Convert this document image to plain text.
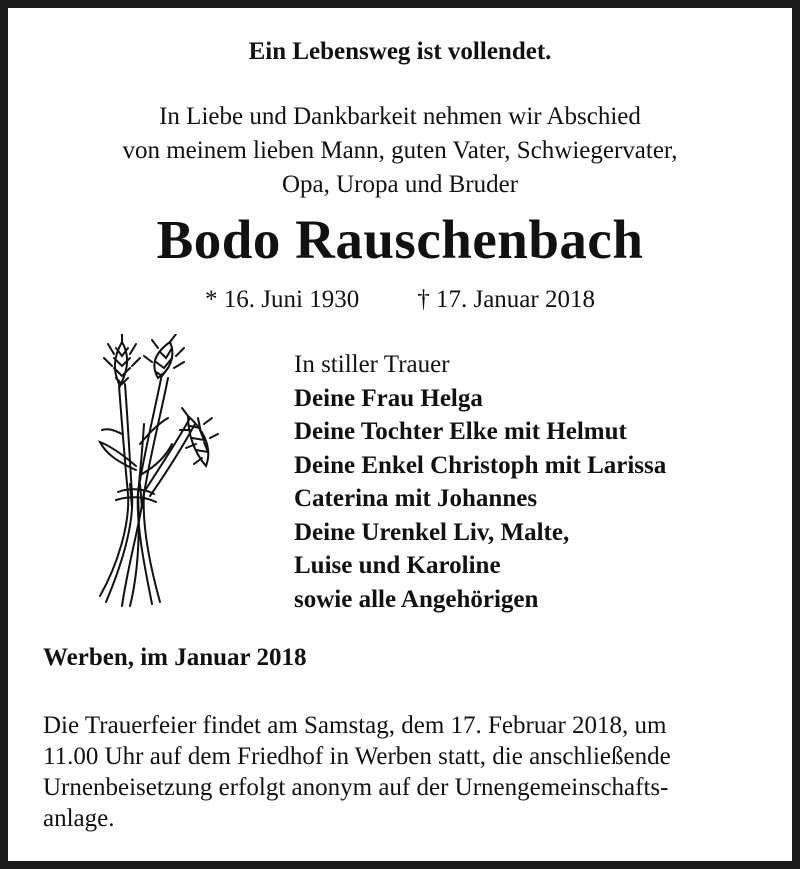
Ein Lebensweg ist vollendet.
In Liebe und Dankbarkeit nehmen wir Abschied
von meinem lieben Mann, guten Vater, Schwiegervater,
Opa, Uropa und Bruder
Bodo Rauschenbach
* 16. Juni 1930 † 17. Januar 2018
In stiller Trauer
Deine Frau Helga
Deine Tochter Elke mit Helmut
Deine Enkel Christoph mit Larissa
Caterina mit Johannes
Deine Urenkel Liv, Malte,
Luise und Karoline
sowie alle Angehörigen
Werben, im Januar 2018
Die Trauerfeier findet am Samstag, dem 17. Februar 2018, um
11.00 Uhr auf dem Friedhof in Werben statt, die anschließende
Urnenbeisetzung erfolgt anonym auf der Urnengemeinschafts-
anlage.
